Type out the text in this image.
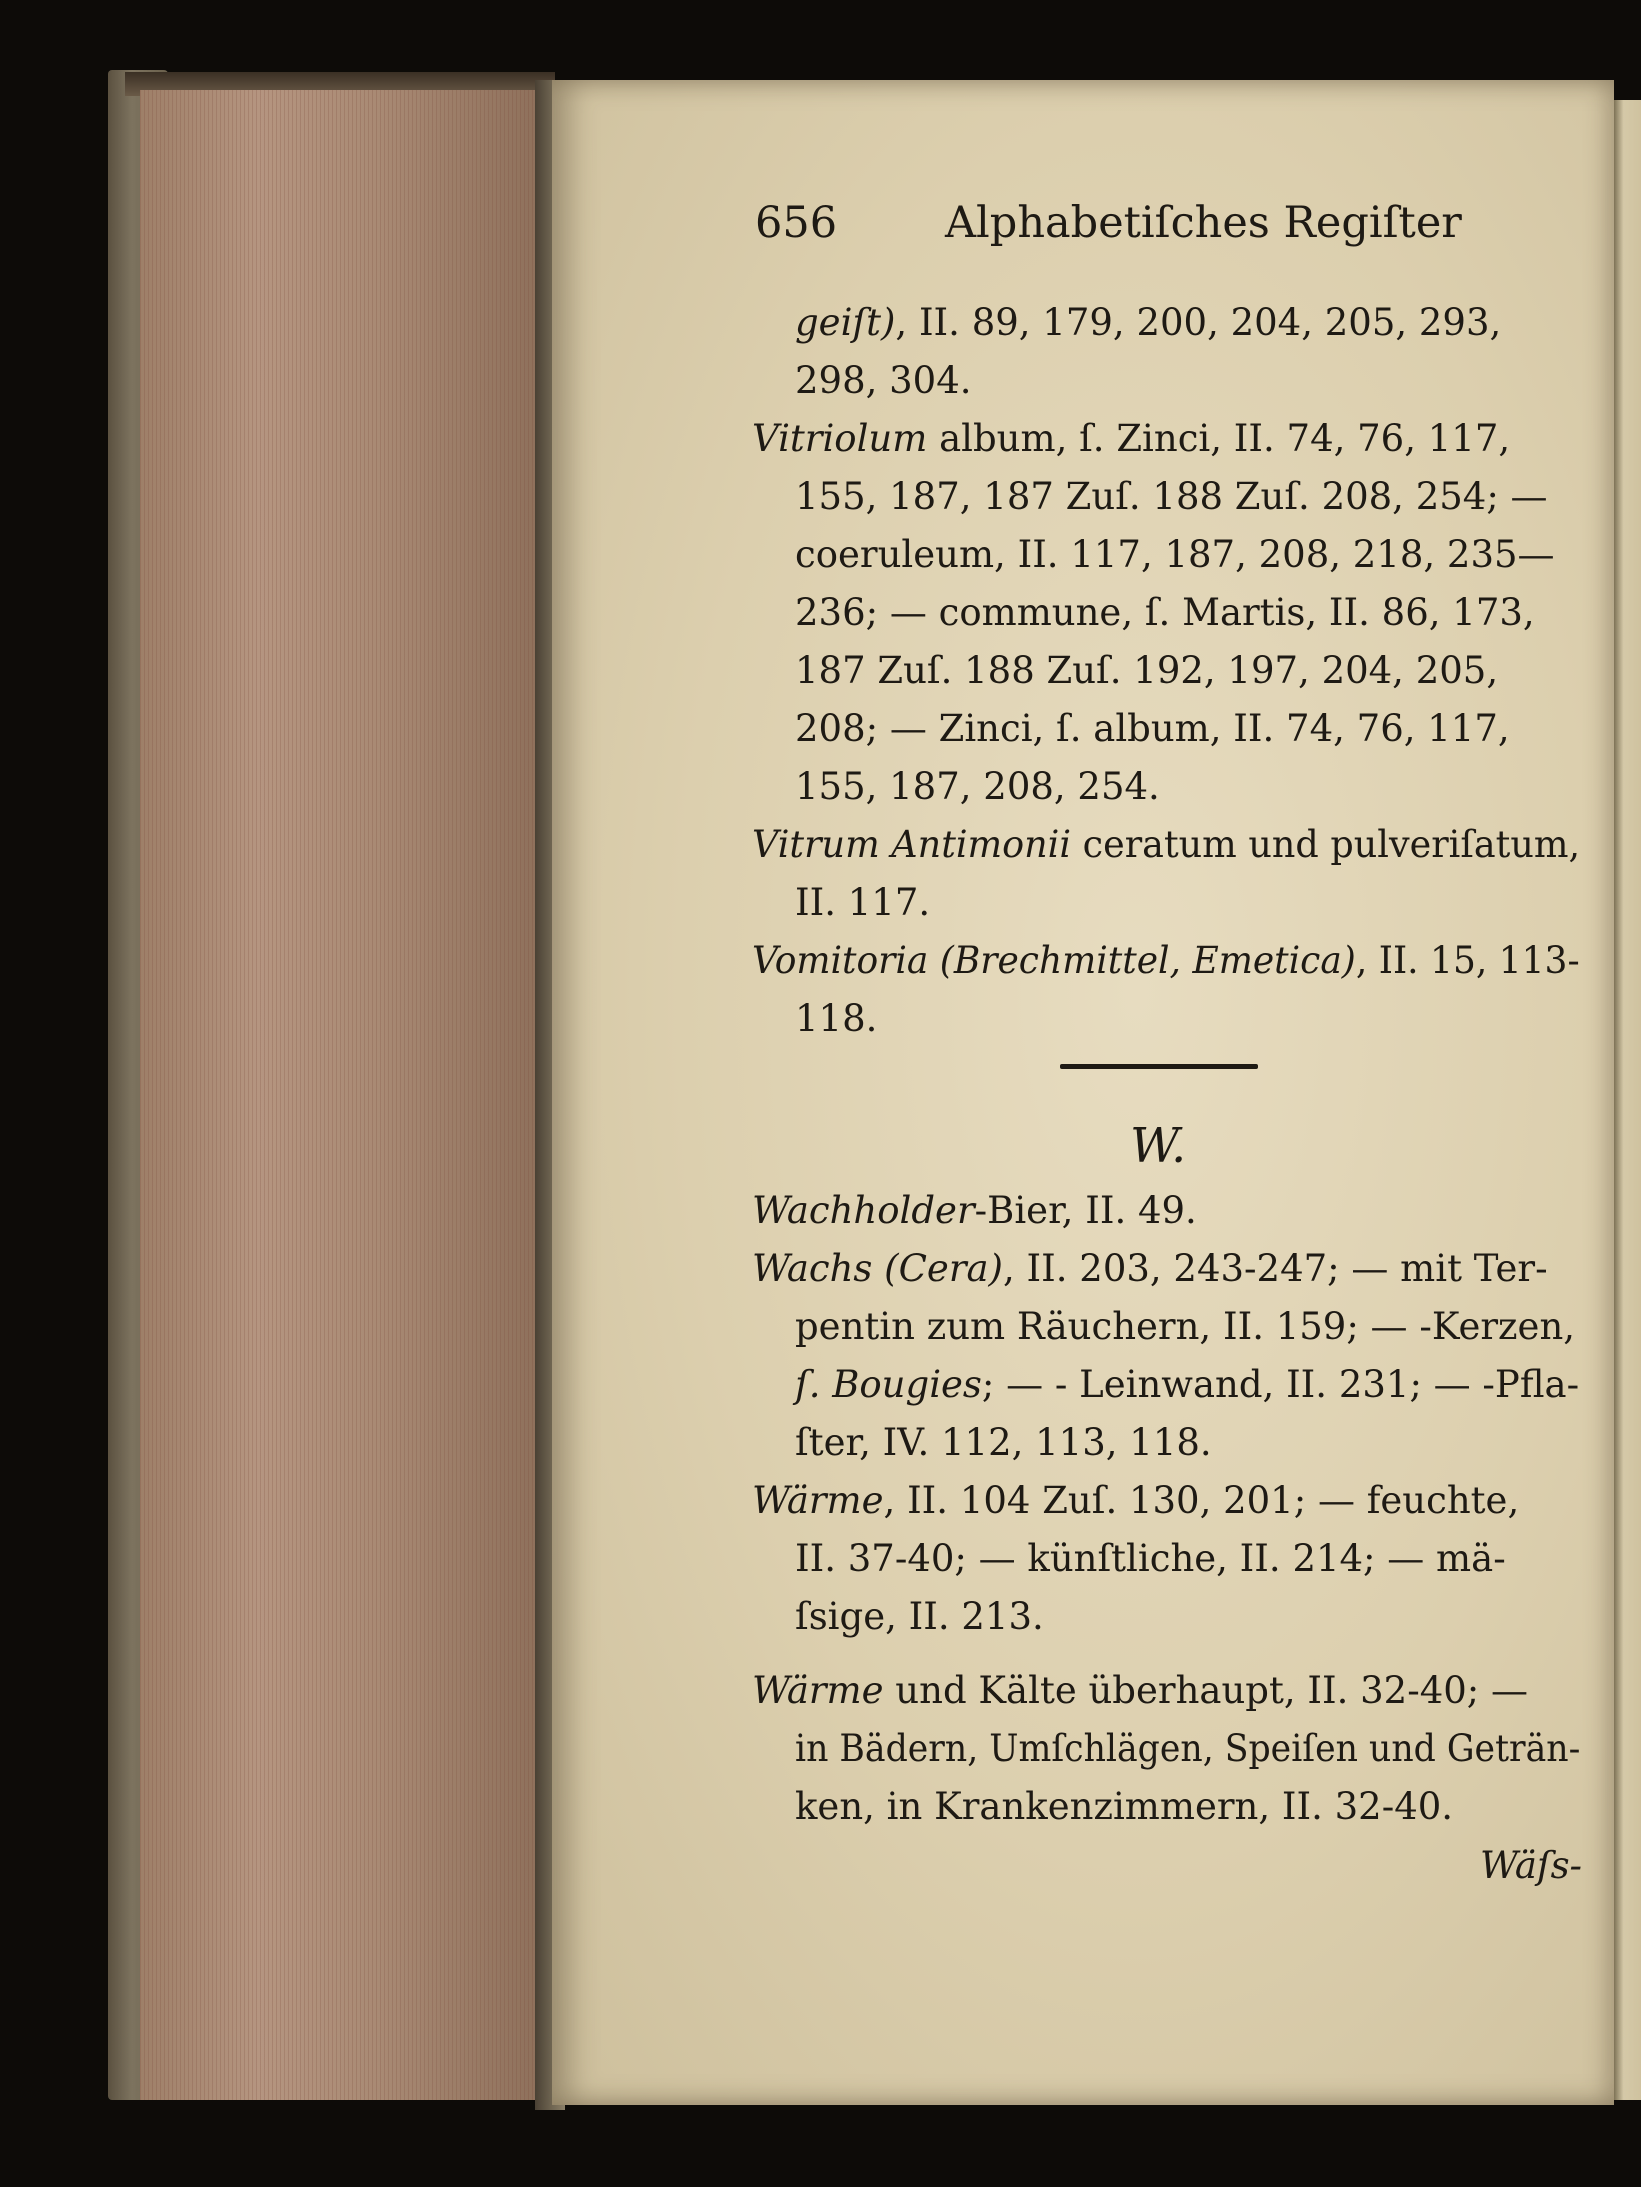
656	Alphabetiſches Regiſter
geiſt), II. 89, 179, 200, 204, 205, 293,
298, 304.
Vitriolum album, ſ. Zinci, II. 74, 76, 117,
155, 187, 187 Zuſ. 188 Zuſ. 208, 254; —
coeruleum, II. 117, 187, 208, 218, 235—
236; — commune, ſ. Martis, II. 86, 173,
187 Zuſ. 188 Zuſ. 192, 197, 204, 205,
208; — Zinci, ſ. album, II. 74, 76, 117,
155, 187, 208, 254.
Vitrum Antimonii ceratum und pulveriſatum,
II. 117.
Vomitoria (Brechmittel, Emetica), II. 15, 113-
118.
W.
Wachholder-Bier, II. 49.
Wachs (Cera), II. 203, 243-247; — mit Ter-
pentin zum Räuchern, II. 159; — -Kerzen,
ſ. Bougies; — - Leinwand, II. 231; — -Pfla-
ſter, IV. 112, 113, 118.
Wärme, II. 104 Zuſ. 130, 201; — feuchte,
II. 37-40; — künſtliche, II. 214; — mä-
ſsige, II. 213.
Wärme und Kälte überhaupt, II. 32-40; —
in Bädern, Umſchlägen, Speiſen und Geträn-
ken, in Krankenzimmern, II. 32-40.
Wäſs-
